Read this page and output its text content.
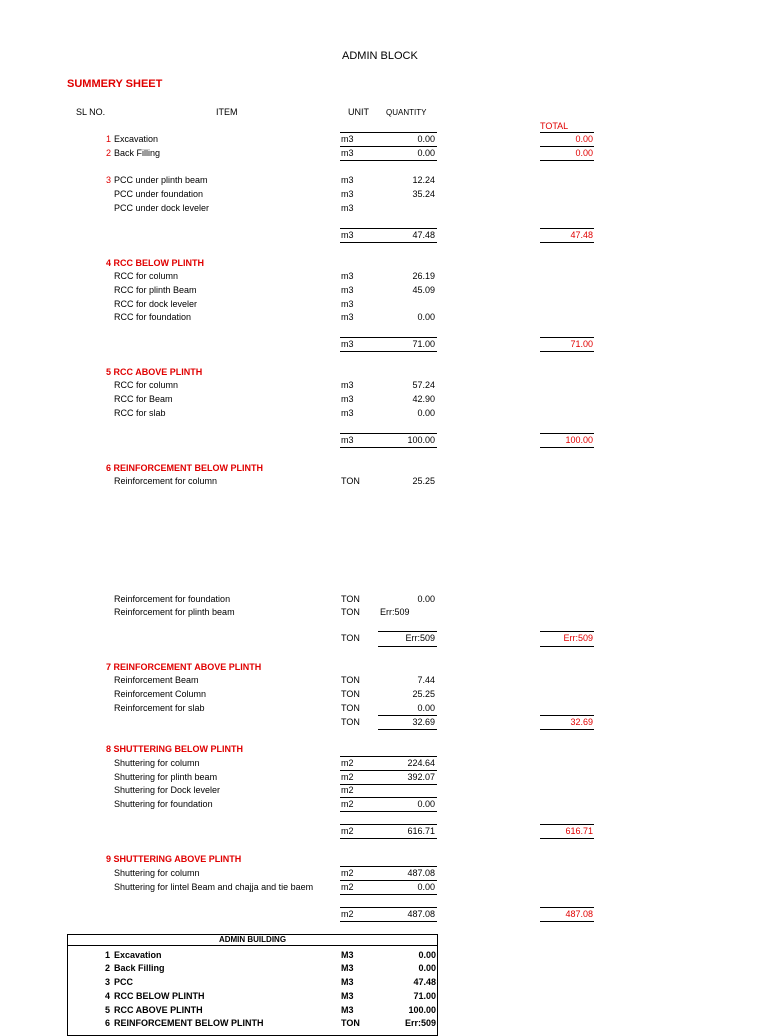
ADMIN BLOCK
SUMMERY SHEET
SL NO.	ITEM	UNIT QUANTITY
TOTAL
1 Excavation	m3	0.00	0.00
2 Back Filling	m3	0.00	0.00
3 PCC under plinth beam	m3	12.24
PCC under foundation	m3	35.24
PCC under dock leveler	m3
m3	47.48	47.48
4 RCC BELOW PLINTH
RCC for column	m3	26.19
RCC for plinth Beam	m3	45.09
RCC for dock leveler	m3
RCC for foundation	m3	0.00
m3	71.00	71.00
5 RCC ABOVE PLINTH
RCC for column	m3	57.24
RCC for Beam	m3	42.90
RCC for slab	m3	0.00
m3	100.00	100.00
6 REINFORCEMENT BELOW PLINTH
Reinforcement for column	TON	25.25
Reinforcement for foundation	TON	0.00
Reinforcement for plinth beam	TON Err:509
TON	Err:509	Err:509
7 REINFORCEMENT ABOVE PLINTH
Reinforcement Beam	TON	7.44
Reinforcement Column	TON	25.25
Reinforcement for slab	TON	0.00
TON	32.69	32.69
8 SHUTTERING BELOW PLINTH
Shuttering for column	m2	224.64
Shuttering for plinth beam	m2	392.07
Shuttering for Dock leveler	m2
Shuttering for foundation	m2	0.00
m2	616.71	616.71
9 SHUTTERING ABOVE PLINTH
Shuttering for column	m2	487.08
Shuttering for lintel Beam and chajja and tie baem	m2	0.00
m2	487.08	487.08
ADMIN BUILDING
1 Excavation	M3	0.00
2 Back Filling	M3	0.00
3 PCC	M3	47.48
4 RCC BELOW PLINTH	M3	71.00
5 RCC ABOVE PLINTH	M3	100.00
6 REINFORCEMENT BELOW PLINTH	TON	Err:509
